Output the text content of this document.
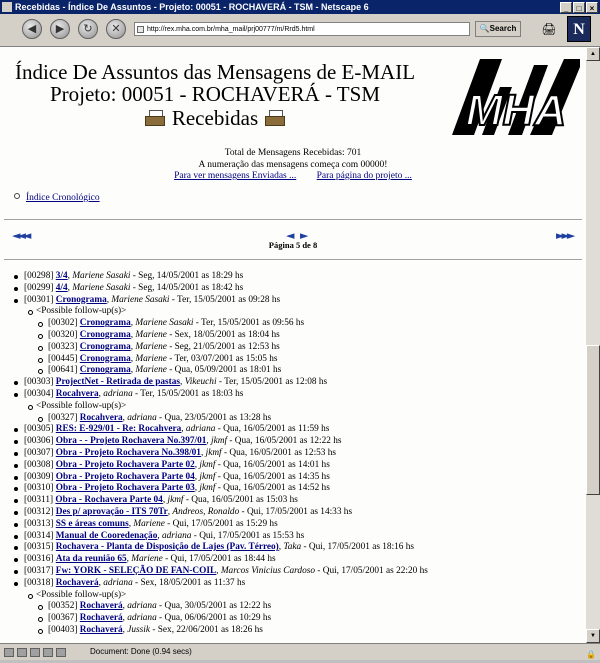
Recebidas - Índice De Assuntos - Projeto: 00051 - ROCHAVERÁ - TSM - Netscape 6	_ □ ×
◀	▶	↻	✕	http://rex.mha.com.br/mha_mail/prj00777/m/Rrd5.html	🔍Search	🖨	N
Índice De Assuntos das Mensagens de E-MAIL
Projeto: 00051 - ROCHAVERÁ - TSM
Recebidas	MHA
Total de Mensagens Recebidas: 701
A numeração das mensagens começa com 00000!
Para ver mensagens Enviadas ... Para página do projeto ...
Índice Cronológico
◄◄◄	◄ ►	►►►
Página 5 de 8
[00298] 3/4, Mariene Sasaki - Seg, 14/05/2001 as 18:29 hs
[00299] 4/4, Mariene Sasaki - Seg, 14/05/2001 as 18:42 hs
[00301] Cronograma, Mariene Sasaki - Ter, 15/05/2001 as 09:28 hs
<Possible follow-up(s)>
[00302] Cronograma, Mariene Sasaki - Ter, 15/05/2001 as 09:56 hs
[00320] Cronograma, Mariene - Sex, 18/05/2001 as 18:04 hs
[00323] Cronograma, Mariene - Seg, 21/05/2001 as 12:53 hs
[00445] Cronograma, Mariene - Ter, 03/07/2001 as 15:05 hs
[00641] Cronograma, Mariene - Qua, 05/09/2001 as 18:01 hs
[00303] ProjectNet - Retirada de pastas, Vikeuchi - Ter, 15/05/2001 as 12:08 hs
[00304] Rocahvera, adriana - Ter, 15/05/2001 as 18:03 hs
<Possible follow-up(s)>
[00327] Rocahvera, adriana - Qua, 23/05/2001 as 13:28 hs
[00305] RES: E-929/01 - Re: Rocahvera, adriana - Qua, 16/05/2001 as 11:59 hs
[00306] Obra - - Projeto Rochavera No.397/01, jkmf - Qua, 16/05/2001 as 12:22 hs
[00307] Obra - Projeto Rochavera No.398/01, jkmf - Qua, 16/05/2001 as 12:53 hs
[00308] Obra - Projeto Rochavera Parte 02, jkmf - Qua, 16/05/2001 as 14:01 hs
[00309] Obra - Projeto Rochavera Parte 04, jkmf - Qua, 16/05/2001 as 14:35 hs
[00310] Obra - Projeto Rochavera Parte 03, jkmf - Qua, 16/05/2001 as 14:52 hs
[00311] Obra - Rochavera Parte 04, jkmf - Qua, 16/05/2001 as 15:03 hs
[00312] Des p/ aprovação - ITS 70Tr, Andreos, Ronaldo - Qui, 17/05/2001 as 14:33 hs
[00313] SS e áreas comuns, Mariene - Qui, 17/05/2001 as 15:29 hs
[00314] Manual de Cooredenação, adriana - Qui, 17/05/2001 as 15:53 hs
[00315] Rochavera - Planta de Disposição de Lajes (Pav. Térreo), Taka - Qui, 17/05/2001 as 18:16 hs
[00316] Ata da reunião 65, Mariene - Qui, 17/05/2001 as 18:44 hs
[00317] Fw: YORK - SELEÇÃO DE FAN-COIL, Marcos Vinicius Cardoso - Qui, 17/05/2001 as 22:20 hs
[00318] Rochaverá, adriana - Sex, 18/05/2001 as 11:37 hs
<Possible follow-up(s)>
[00352] Rochaverá, adriana - Qua, 30/05/2001 as 12:22 hs
[00367] Rochaverá, adriana - Qua, 06/06/2001 as 10:29 hs
[00403] Rochaverá, Jussik - Sex, 22/06/2001 as 18:26 hs
▲
▼
Document: Done (0.94 secs)	🔒
